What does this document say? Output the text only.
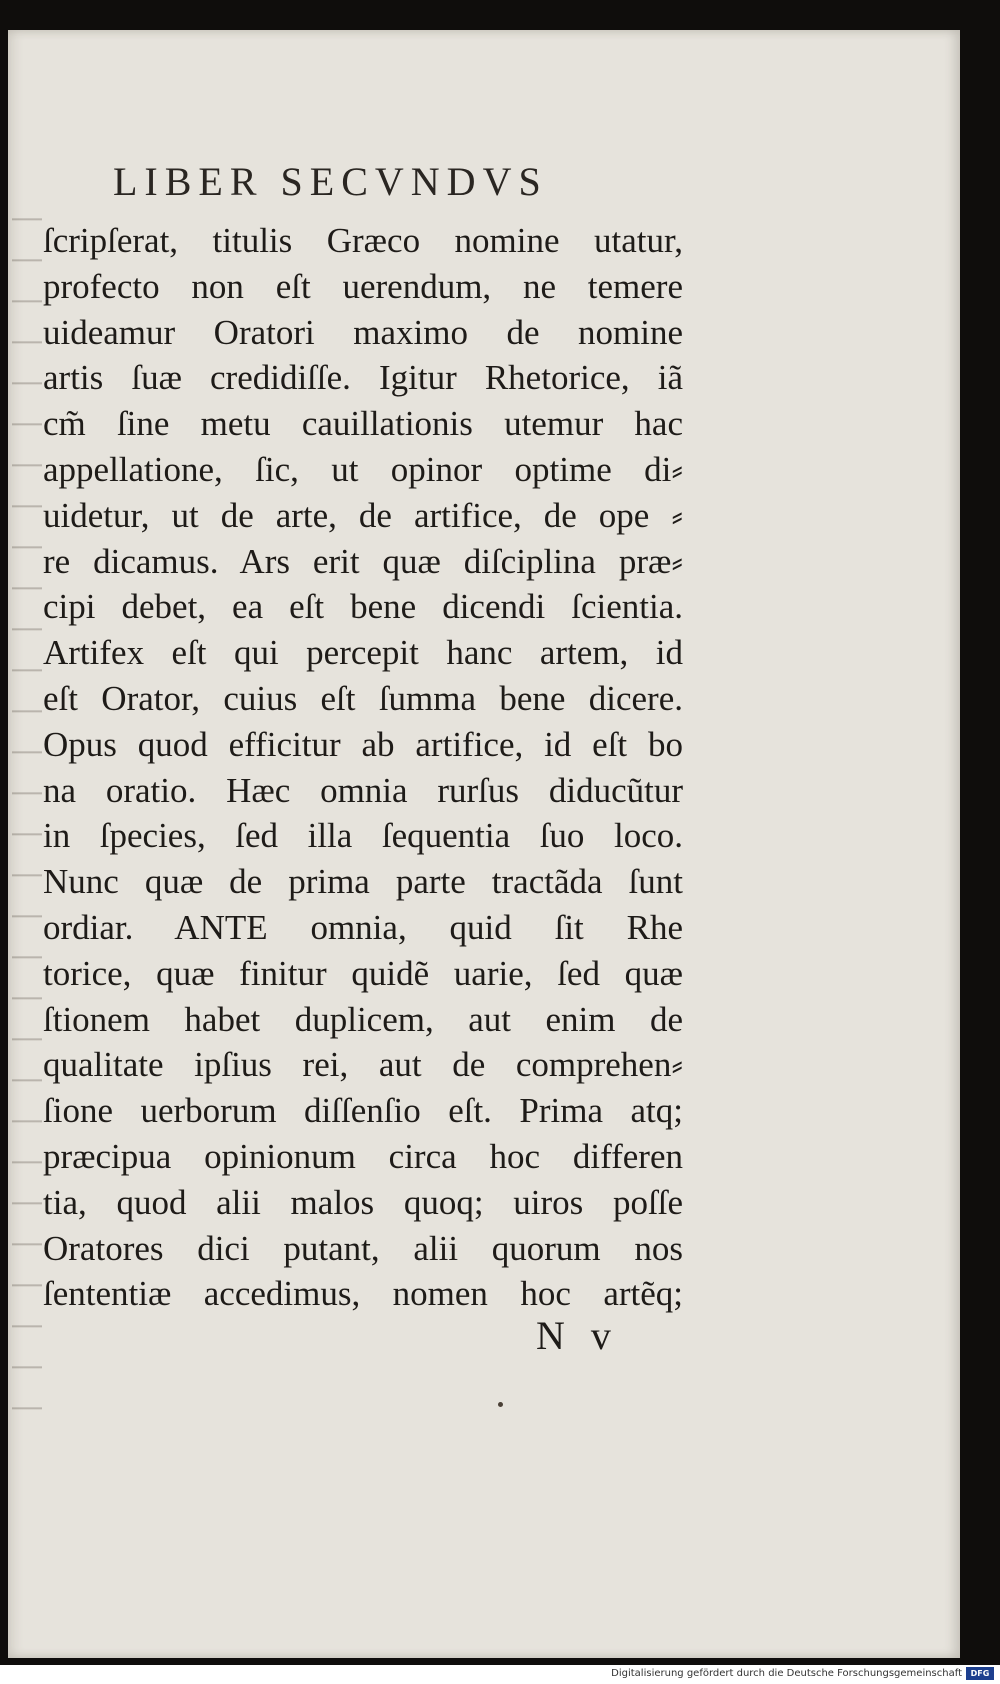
LIBER SECVNDVS
ſcripſerat, titulis Græco nomine utatur,
profecto non eſt uerendum, ne temere
uideamur Oratori maximo de nomine
artis ſuæ credidiſſe. Igitur Rhetorice, iã
cm̃ ſine metu cauillationis utemur hac
appellatione, ſic, ut opinor optime di⸗
uidetur, ut de arte, de artifice, de ope ⸗
re dicamus. Ars erit quæ diſciplina præ⸗
cipi debet, ea eſt bene dicendi ſcientia.
Artifex eſt qui percepit hanc artem, id
eſt Orator, cuius eſt ſumma bene dicere.
Opus quod efficitur ab artifice, id eſt bo
na oratio. Hæc omnia rurſus diducũtur
in ſpecies, ſed illa ſequentia ſuo loco.
Nunc quæ de prima parte tractãda ſunt
ordiar. ANTE omnia, quid ſit Rhe
torice, quæ finitur quidẽ uarie, ſed quæ
ſtionem habet duplicem, aut enim de
qualitate ipſius rei, aut de comprehen⸗
ſione uerborum diſſenſio eſt. Prima atq;
præcipua opinionum circa hoc differen
tia, quod alii malos quoq; uiros poſſe
Oratores dici putant, alii quorum nos
ſententiæ accedimus, nomen hoc artẽq;
N v
Digitalisierung gefördert durch die Deutsche Forschungsgemeinschaft	DFG
